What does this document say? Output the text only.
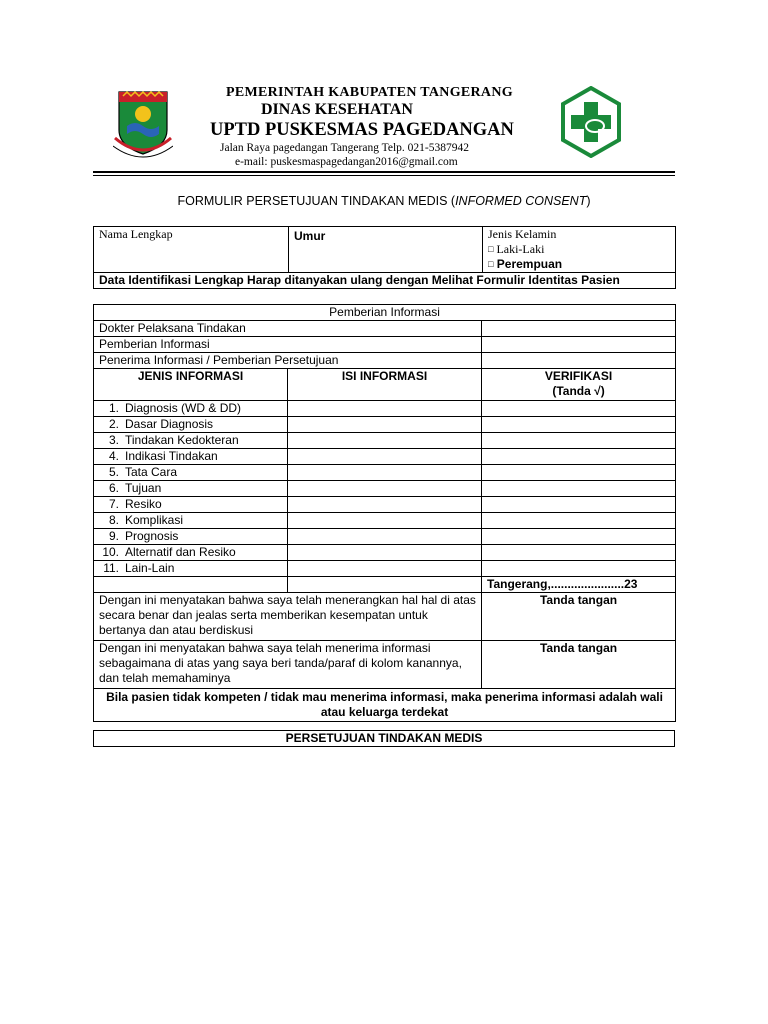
PEMERINTAH KABUPATEN TANGERANG
DINAS KESEHATAN
UPTD PUSKESMAS PAGEDANGAN
Jalan Raya pagedangan Tangerang Telp. 021-5387942
e-mail: puskesmaspagedangan2016@gmail.com
FORMULIR PERSETUJUAN TINDAKAN MEDIS (INFORMED CONSENT)
Nama Lengkap	Umur	Jenis Kelamin
□ Laki-Laki
□ Perempuan

Data Identifikasi Lengkap Harap ditanyakan ulang dengan Melihat Formulir Identitas Pasien
Pemberian Informasi		
Dokter Pelaksana Tindakan		
Pemberian Informasi		
Penerima Informasi / Pemberian Persetujuan		
JENIS INFORMASI	ISI INFORMASI	VERIFIKASI
(Tanda √)

1. Diagnosis (WD & DD)		
2. Dasar Diagnosis		
3. Tindakan Kedokteran		
4. Indikasi Tindakan		
5. Tata Cara		
6. Tujuan		
7. Resiko		
8. Komplikasi		
9. Prognosis		
10. Alternatif dan Resiko		
11. Lain-Lain		
		Tangerang,......................23
Dengan ini menyatakan bahwa saya telah menerangkan hal hal di atas secara benar dan jealas serta memberikan kesempatan untuk bertanya dan atau berdiskusi		Tanda tangan
Dengan ini menyatakan bahwa saya telah menerima informasi sebagaimana di atas yang saya beri tanda/paraf di kolom kanannya, dan telah memahaminya		Tanda tangan
Bila pasien tidak kompeten / tidak mau menerima informasi, maka penerima informasi adalah wali atau keluarga terdekat		
PERSETUJUAN TINDAKAN MEDIS
